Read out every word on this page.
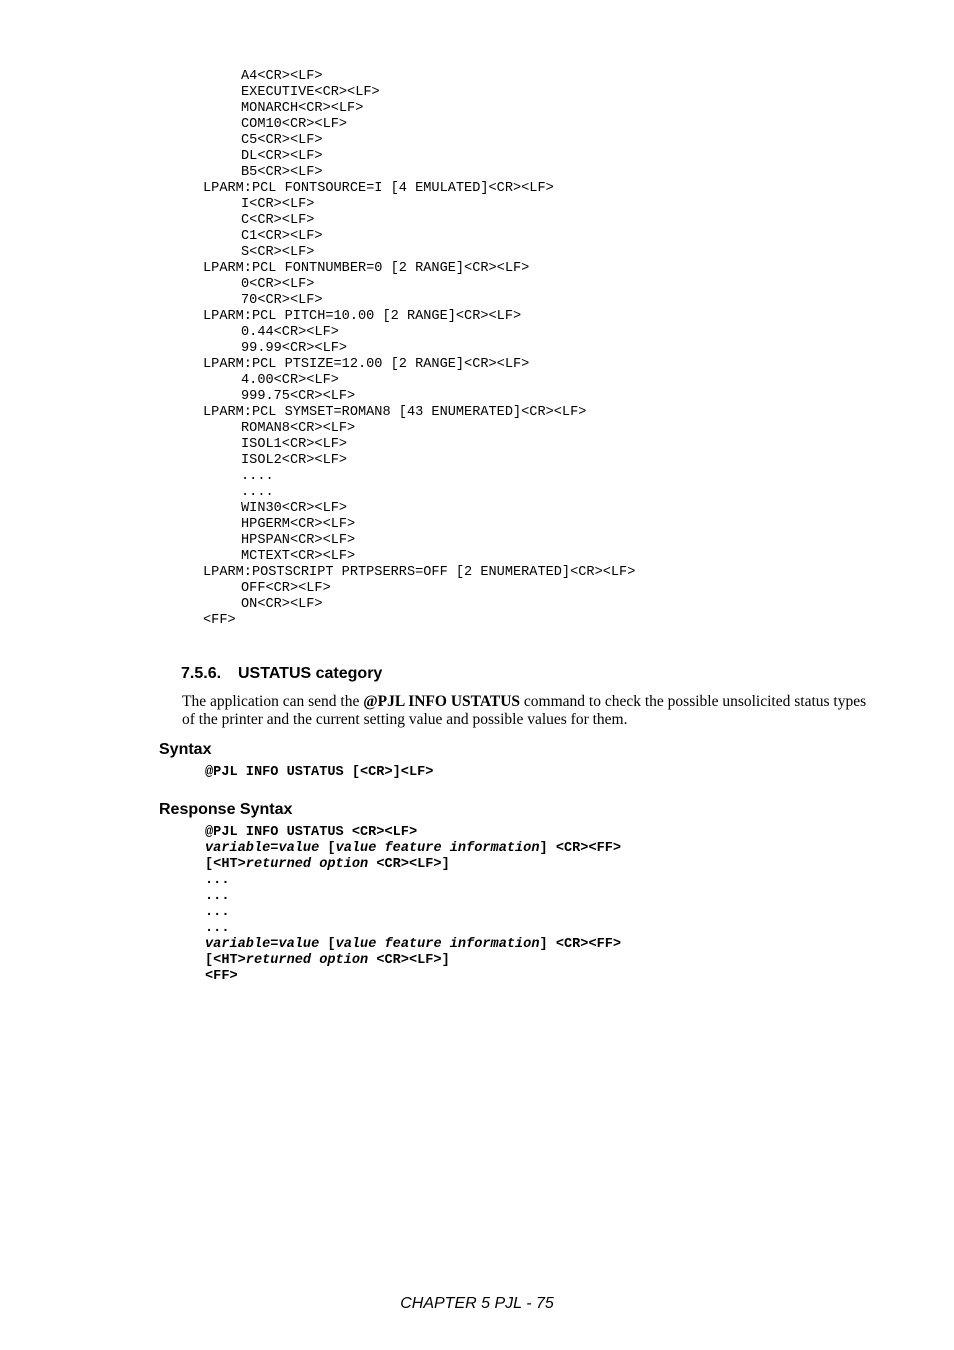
A4<CR><LF>
EXECUTIVE<CR><LF>
MONARCH<CR><LF>
COM10<CR><LF>
C5<CR><LF>
DL<CR><LF>
B5<CR><LF>
LPARM:PCL FONTSOURCE=I [4 EMULATED]<CR><LF>
I<CR><LF>
C<CR><LF>
C1<CR><LF>
S<CR><LF>
LPARM:PCL FONTNUMBER=0 [2 RANGE]<CR><LF>
0<CR><LF>
70<CR><LF>
LPARM:PCL PITCH=10.00 [2 RANGE]<CR><LF>
0.44<CR><LF>
99.99<CR><LF>
LPARM:PCL PTSIZE=12.00 [2 RANGE]<CR><LF>
4.00<CR><LF>
999.75<CR><LF>
LPARM:PCL SYMSET=ROMAN8 [43 ENUMERATED]<CR><LF>
ROMAN8<CR><LF>
ISOL1<CR><LF>
ISOL2<CR><LF>
....
....
WIN30<CR><LF>
HPGERM<CR><LF>
HPSPAN<CR><LF>
MCTEXT<CR><LF>
LPARM:POSTSCRIPT PRTPSERRS=OFF [2 ENUMERATED]<CR><LF>
OFF<CR><LF>
ON<CR><LF>
<FF>
7.5.6. USTATUS category
The application can send the @PJL INFO USTATUS command to check the possible unsolicited status types of the printer and the current setting value and possible values for them.
Syntax
@PJL INFO USTATUS [<CR>]<LF>
Response Syntax
@PJL INFO USTATUS <CR><LF>
variable=value [value feature information] <CR><FF>
[<HT>returned option <CR><LF>]
...
...
...
...
variable=value [value feature information] <CR><FF>
[<HT>returned option <CR><LF>]
<FF>
CHAPTER 5 PJL - 75
